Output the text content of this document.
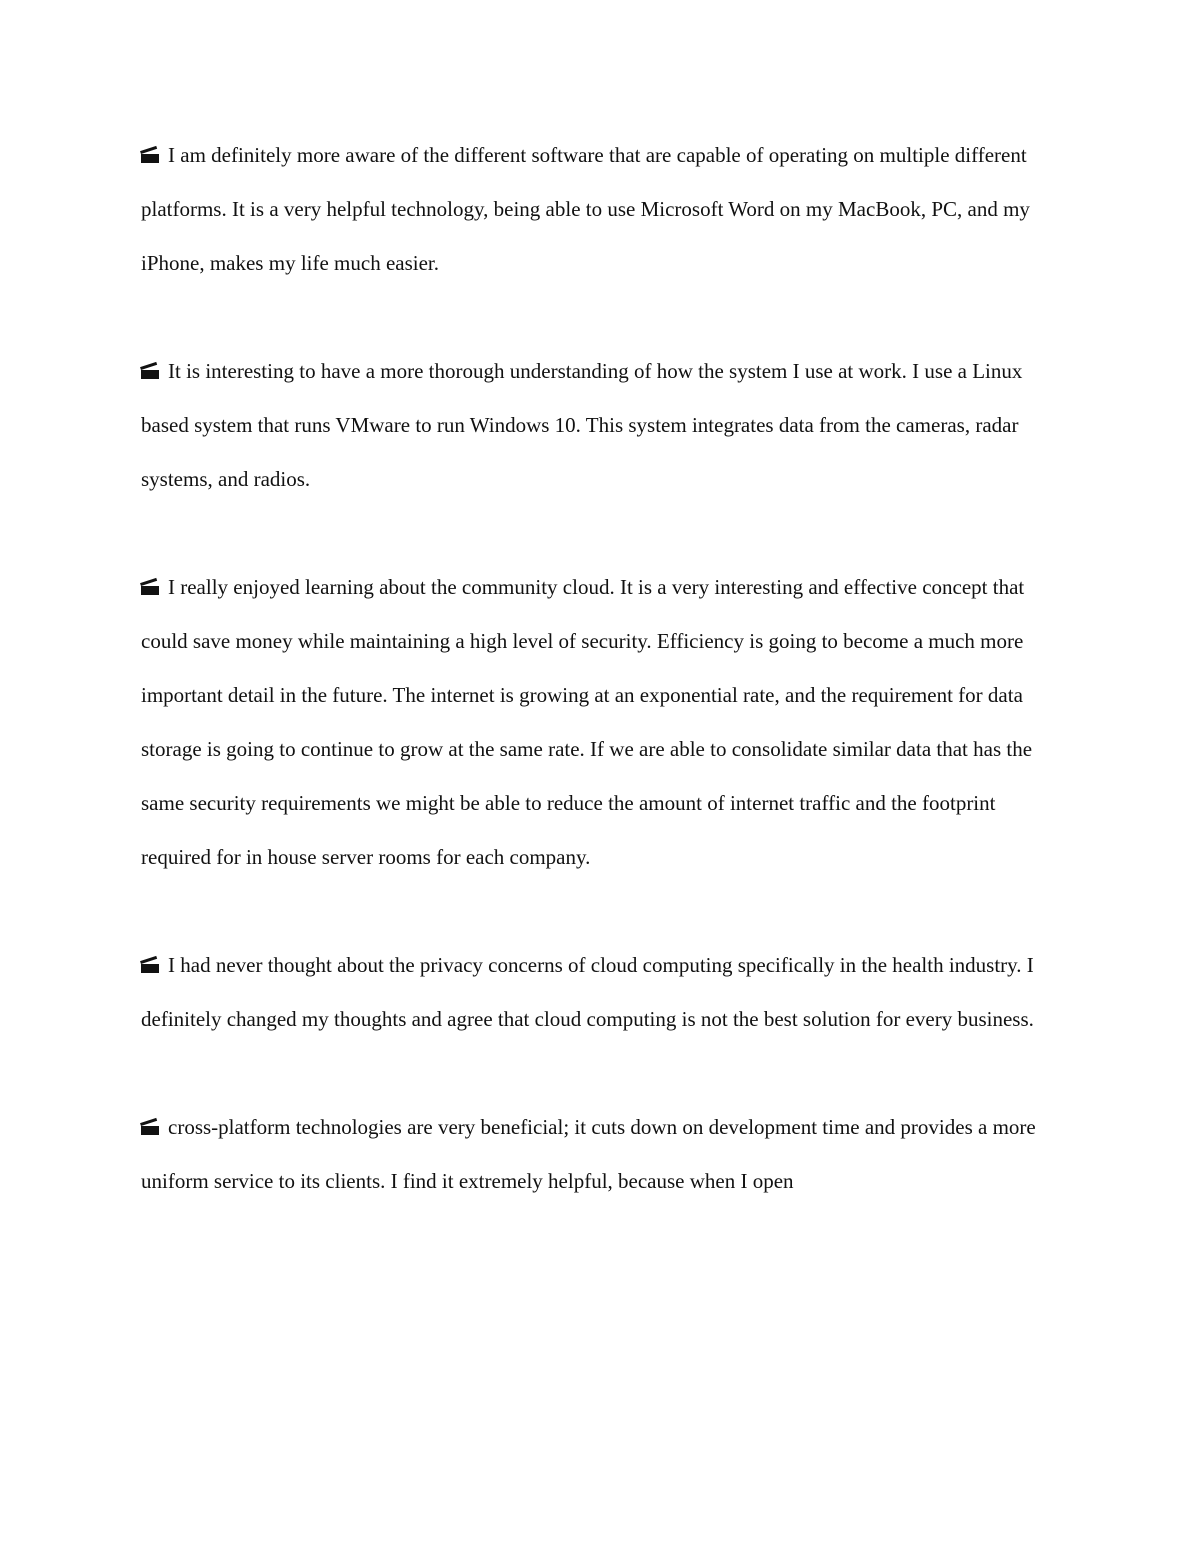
I am definitely more aware of the different software that are capable of operating on multiple different platforms. It is a very helpful technology, being able to use Microsoft Word on my MacBook, PC, and my iPhone, makes my life much easier.

It is interesting to have a more thorough understanding of how the system I use at work. I use a Linux based system that runs VMware to run Windows 10. This system integrates data from the cameras, radar systems, and radios.

I really enjoyed learning about the community cloud. It is a very interesting and effective concept that could save money while maintaining a high level of security. Efficiency is going to become a much more important detail in the future. The internet is growing at an exponential rate, and the requirement for data storage is going to continue to grow at the same rate. If we are able to consolidate similar data that has the same security requirements we might be able to reduce the amount of internet traffic and the footprint required for in house server rooms for each company.

I had never thought about the privacy concerns of cloud computing specifically in the health industry. I definitely changed my thoughts and agree that cloud computing is not the best solution for every business.

cross-platform technologies are very beneficial; it cuts down on development time and provides a more uniform service to its clients. I find it extremely helpful, because when I open
